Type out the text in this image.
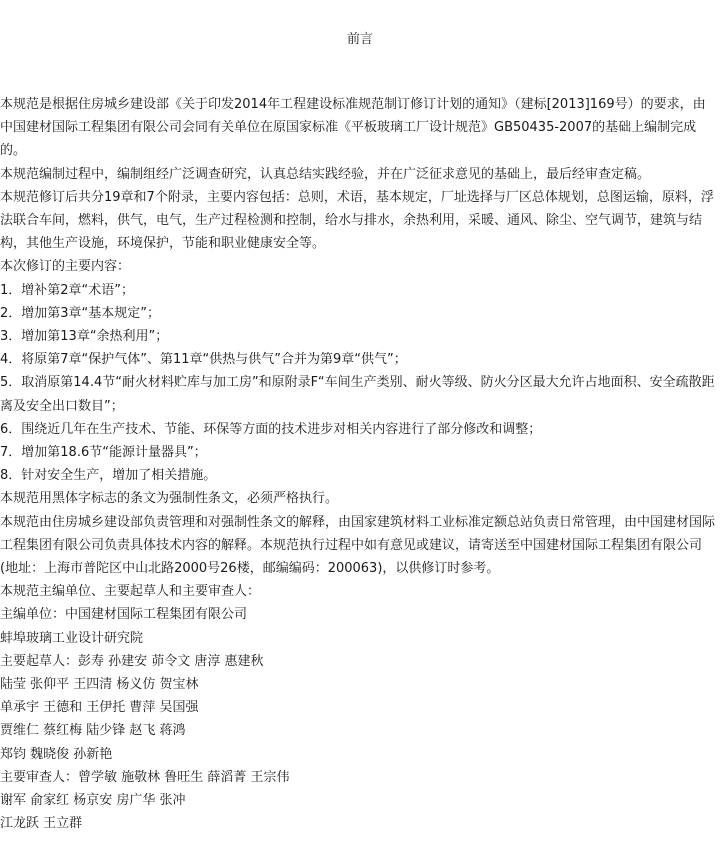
前言

本规范是根据住房城乡建设部《关于印发2014年工程建设标准规范制订修订计划的通知》（建标[2013]169号）的要求，由中国建材国际工程集团有限公司会同有关单位在原国家标准《平板玻璃工厂设计规范》GB50435-2007的基础上编制完成的。

本规范编制过程中，编制组经广泛调查研究，认真总结实践经验，并在广泛征求意见的基础上，最后经审查定稿。

本规范修订后共分19章和7个附录，主要内容包括：总则，术语，基本规定，厂址选择与厂区总体规划，总图运输，原料，浮法联合车间，燃料，供气，电气，生产过程检测和控制，给水与排水，余热利用，采暖、通风、除尘、空气调节，建筑与结构，其他生产设施，环境保护，节能和职业健康安全等。

本次修订的主要内容：

1．增补第2章“术语”；

2．增加第3章“基本规定”；

3．增加第13章“余热利用”；

4．将原第7章“保护气体”、第11章“供热与供气”合并为第9章“供气”；

5．取消原第14.4节“耐火材料贮库与加工房”和原附录F“车间生产类别、耐火等级、防火分区最大允许占地面积、安全疏散距离及安全出口数目”；

6．围绕近几年在生产技术、节能、环保等方面的技术进步对相关内容进行了部分修改和调整；

7．增加第18.6节“能源计量器具”；

8．针对安全生产，增加了相关措施。

本规范用黑体字标志的条文为强制性条文，必须严格执行。

本规范由住房城乡建设部负责管理和对强制性条文的解释，由国家建筑材料工业标准定额总站负责日常管理，由中国建材国际工程集团有限公司负责具体技术内容的解释。本规范执行过程中如有意见或建议，请寄送至中国建材国际工程集团有限公司(地址：上海市普陀区中山北路2000号26楼，邮编编码：200063)，以供修订时参考。

本规范主编单位、主要起草人和主要审查人：

主编单位：中国建材国际工程集团有限公司

蚌埠玻璃工业设计研究院

主要起草人：彭寿 孙建安 茆令文 唐淳 惠建秋

陆莹 张仰平 王四清 杨义仿 贺宝林

单承宇 王德和 王伊托 曹萍 吴国强

贾维仁 蔡红梅 陆少锋 赵飞 蒋鸿

郑钧 魏晓俊 孙新艳

主要审查人：曾学敏 施敬林 鲁旺生 薛滔菁 王宗伟

谢军 俞家红 杨京安 房广华 张冲

江龙跃 王立群
